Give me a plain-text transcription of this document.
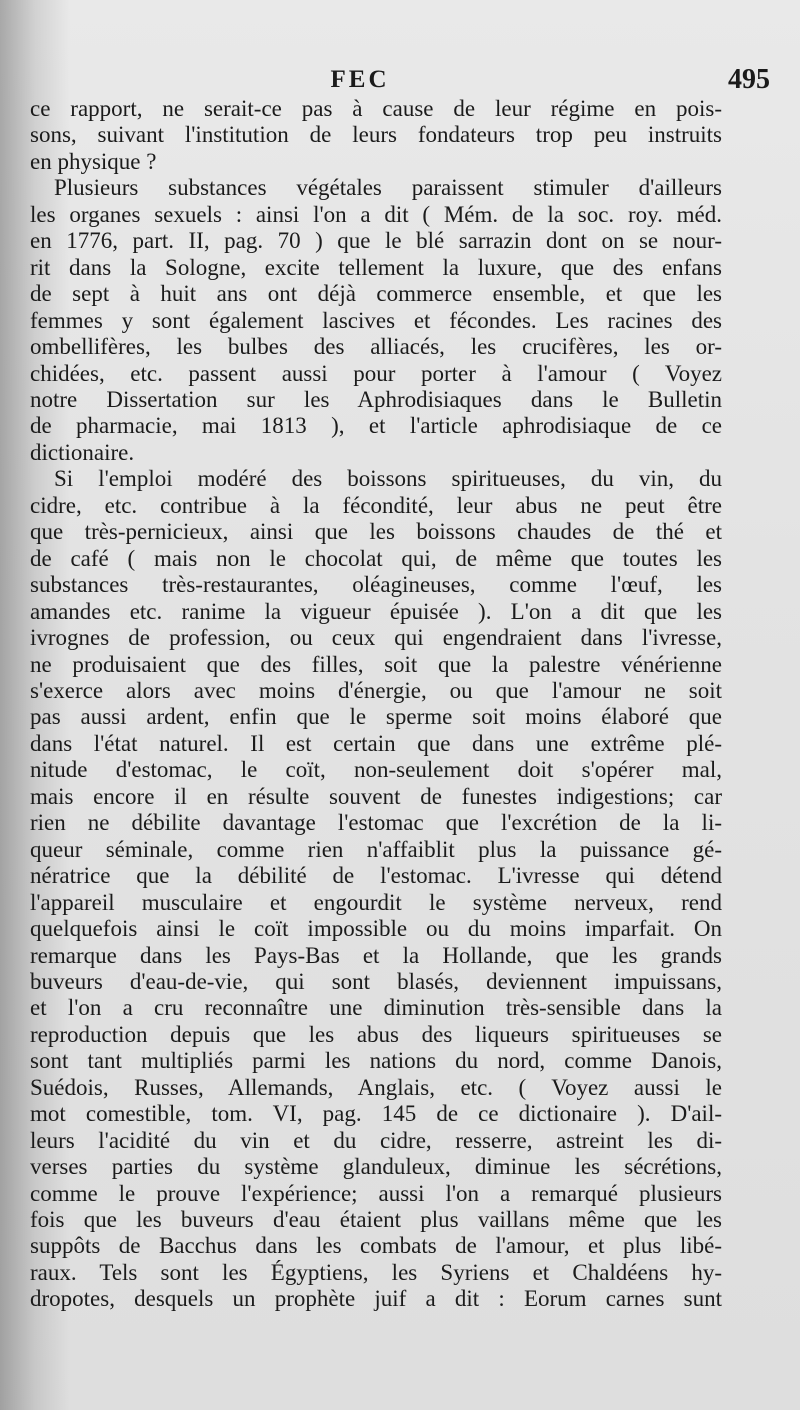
FEC	495

ce rapport, ne serait-ce pas à cause de leur régime en pois-
sons, suivant l'institution de leurs fondateurs trop peu instruits
en physique ?

Plusieurs substances végétales paraissent stimuler d'ailleurs
les organes sexuels : ainsi l'on a dit ( Mém. de la soc. roy. méd.
en 1776, part. II, pag. 70 ) que le blé sarrazin dont on se nour-
rit dans la Sologne, excite tellement la luxure, que des enfans
de sept à huit ans ont déjà commerce ensemble, et que les
femmes y sont également lascives et fécondes. Les racines des
ombellifères, les bulbes des alliacés, les crucifères, les or-
chidées, etc. passent aussi pour porter à l'amour ( Voyez
notre Dissertation sur les Aphrodisiaques dans le Bulletin
de pharmacie, mai 1813 ), et l'article aphrodisiaque de ce
dictionaire.

Si l'emploi modéré des boissons spiritueuses, du vin, du
cidre, etc. contribue à la fécondité, leur abus ne peut être
que très-pernicieux, ainsi que les boissons chaudes de thé et
de café ( mais non le chocolat qui, de même que toutes les
substances très-restaurantes, oléagineuses, comme l'œuf, les
amandes etc. ranime la vigueur épuisée ). L'on a dit que les
ivrognes de profession, ou ceux qui engendraient dans l'ivresse,
ne produisaient que des filles, soit que la palestre vénérienne
s'exerce alors avec moins d'énergie, ou que l'amour ne soit
pas aussi ardent, enfin que le sperme soit moins élaboré que
dans l'état naturel. Il est certain que dans une extrême plé-
nitude d'estomac, le coït, non-seulement doit s'opérer mal,
mais encore il en résulte souvent de funestes indigestions; car
rien ne débilite davantage l'estomac que l'excrétion de la li-
queur séminale, comme rien n'affaiblit plus la puissance gé-
nératrice que la débilité de l'estomac. L'ivresse qui détend
l'appareil musculaire et engourdit le système nerveux, rend
quelquefois ainsi le coït impossible ou du moins imparfait. On
remarque dans les Pays-Bas et la Hollande, que les grands
buveurs d'eau-de-vie, qui sont blasés, deviennent impuissans,
et l'on a cru reconnaître une diminution très-sensible dans la
reproduction depuis que les abus des liqueurs spiritueuses se
sont tant multipliés parmi les nations du nord, comme Danois,
Suédois, Russes, Allemands, Anglais, etc. ( Voyez aussi le
mot comestible, tom. VI, pag. 145 de ce dictionaire ). D'ail-
leurs l'acidité du vin et du cidre, resserre, astreint les di-
verses parties du système glanduleux, diminue les sécrétions,
comme le prouve l'expérience; aussi l'on a remarqué plusieurs
fois que les buveurs d'eau étaient plus vaillans même que les
suppôts de Bacchus dans les combats de l'amour, et plus libé-
raux. Tels sont les Égyptiens, les Syriens et Chaldéens hy-
dropotes, desquels un prophète juif a dit : Eorum carnes sunt
